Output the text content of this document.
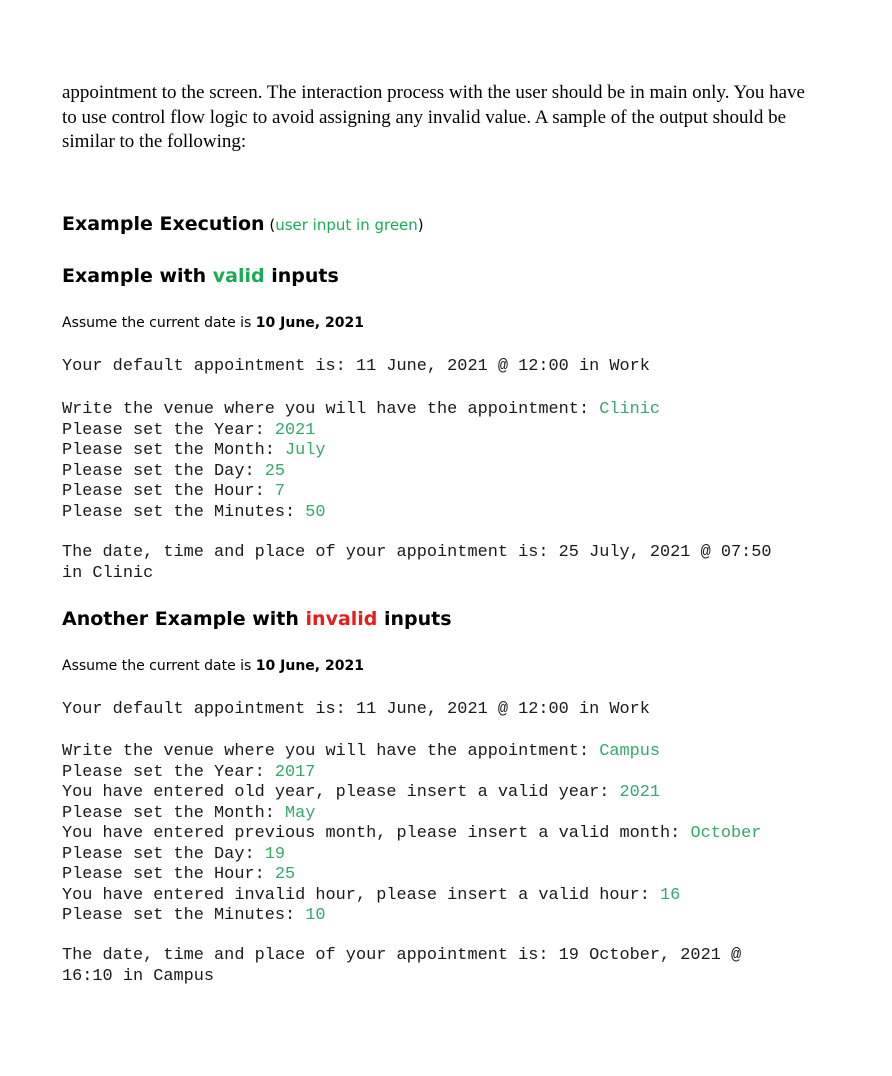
appointment to the screen. The interaction process with the user should be in main only. You have to use control flow logic to avoid assigning any invalid value. A sample of the output should be similar to the following:
Example Execution (user input in green)
Example with valid inputs
Assume the current date is 10 June, 2021
Your default appointment is: 11 June, 2021 @ 12:00 in Work
Write the venue where you will have the appointment: Clinic
Please set the Year: 2021
Please set the Month: July
Please set the Day: 25
Please set the Hour: 7
Please set the Minutes: 50
The date, time and place of your appointment is: 25 July, 2021 @ 07:50
in Clinic
Another Example with invalid inputs
Assume the current date is 10 June, 2021
Your default appointment is: 11 June, 2021 @ 12:00 in Work
Write the venue where you will have the appointment: Campus
Please set the Year: 2017
You have entered old year, please insert a valid year: 2021
Please set the Month: May
You have entered previous month, please insert a valid month: October
Please set the Day: 19
Please set the Hour: 25
You have entered invalid hour, please insert a valid hour: 16
Please set the Minutes: 10
The date, time and place of your appointment is: 19 October, 2021 @
16:10 in Campus
